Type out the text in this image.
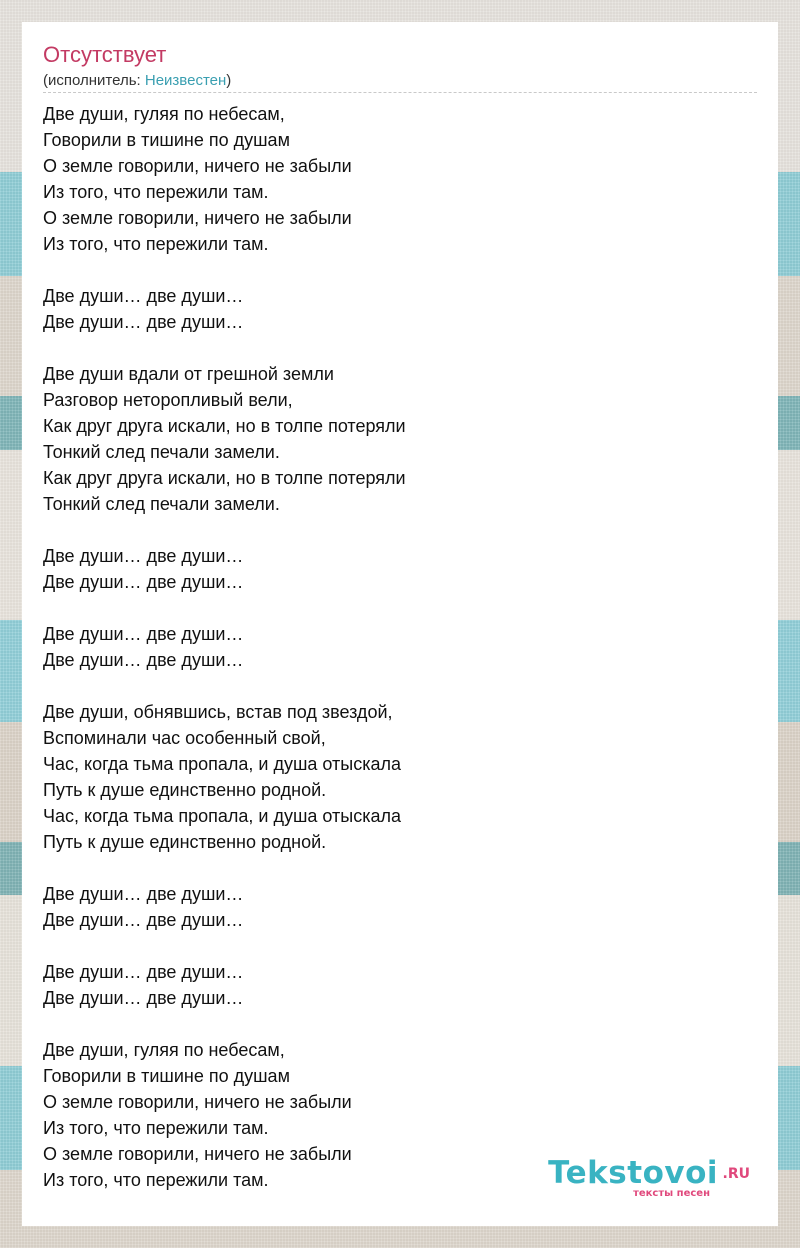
Отсутствует
(исполнитель: Неизвестен)
Две души, гуляя по небесам,
Говорили в тишине по душам
О земле говорили, ничего не забыли
Из того, что пережили там.
О земле говорили, ничего не забыли
Из того, что пережили там.
Две души… две души…
Две души… две души…
Две души вдали от грешной земли
Разговор неторопливый вели,
Как друг друга искали, но в толпе потеряли
Тонкий след печали замели.
Как друг друга искали, но в толпе потеряли
Тонкий след печали замели.
Две души… две души…
Две души… две души…
Две души… две души…
Две души… две души…
Две души, обнявшись, встав под звездой,
Вспоминали час особенный свой,
Час, когда тьма пропала, и душа отыскала
Путь к душе единственно родной.
Час, когда тьма пропала, и душа отыскала
Путь к душе единственно родной.
Две души… две души…
Две души… две души…
Две души… две души…
Две души… две души…
Две души, гуляя по небесам,
Говорили в тишине по душам
О земле говорили, ничего не забыли
Из того, что пережили там.
О земле говорили, ничего не забыли
Из того, что пережили там.	Tekstovoi .RU
тексты песен
